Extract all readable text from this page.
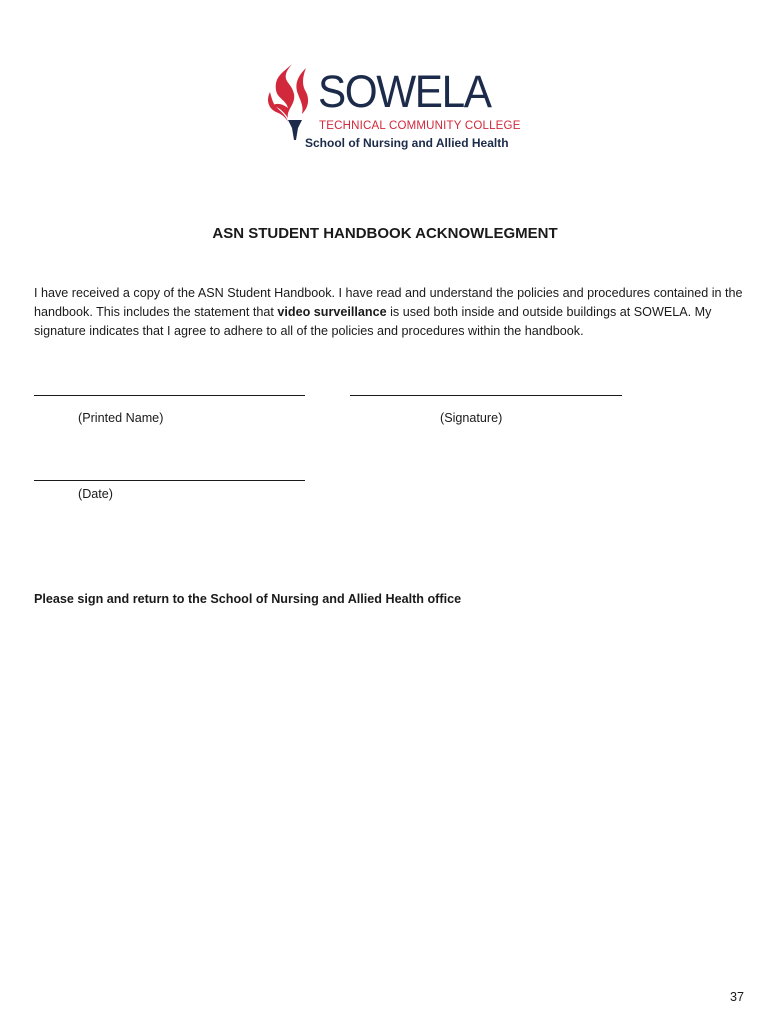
SOWELA
TECHNICAL COMMUNITY COLLEGE
School of Nursing and Allied Health
ASN STUDENT HANDBOOK ACKNOWLEGMENT

I have received a copy of the ASN Student Handbook. I have read and understand the policies and procedures contained in the handbook. This includes the statement that video surveillance is used both inside and outside buildings at SOWELA. My signature indicates that I agree to adhere to all of the policies and procedures within the handbook.

(Printed Name)	(Signature)
(Date)

Please sign and return to the School of Nursing and Allied Health office

37
